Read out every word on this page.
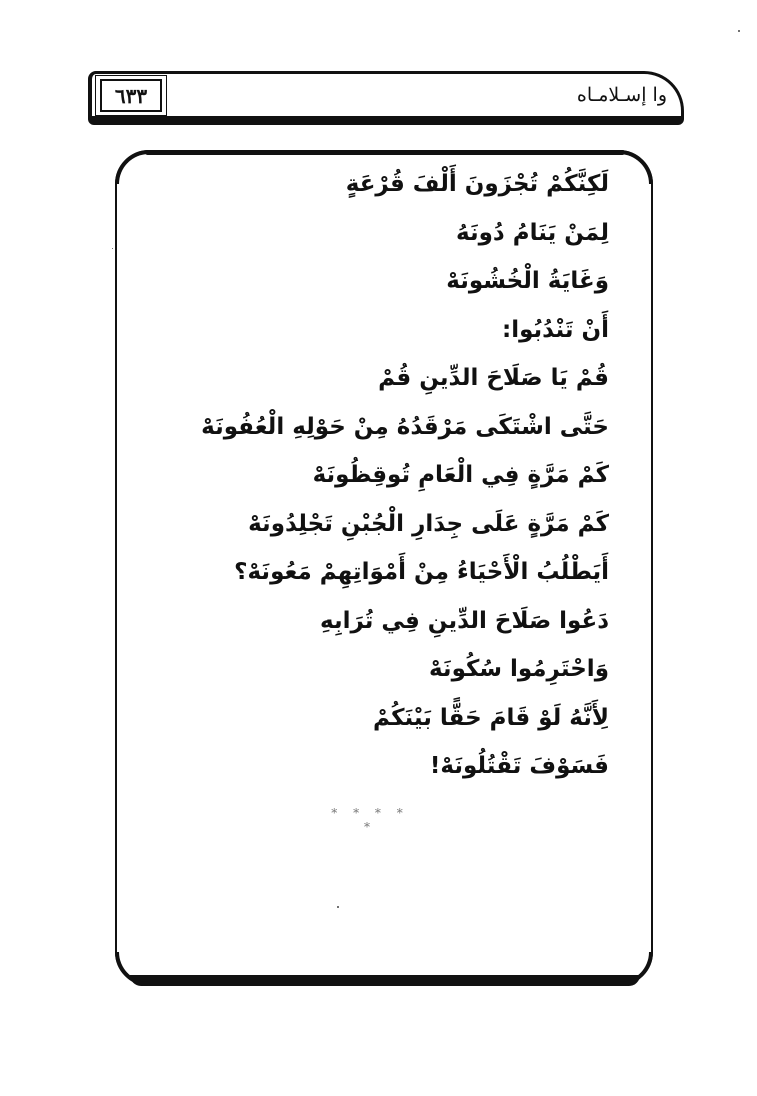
٦٣٣	وا إسـلامـاه
لَكِنَّكُمْ تُجْزَونَ أَلْفَ قُرْعَةٍ
لِمَنْ يَنَامُ دُونَهُ
وَغَايَةُ الْخُشُونَهْ
أَنْ تَنْدُبُوا:
قُمْ يَا صَلَاحَ الدِّينِ قُمْ
حَتَّى اشْتَكَى مَرْقَدُهُ مِنْ حَوْلِهِ الْعُفُونَهْ
كَمْ مَرَّةٍ فِي الْعَامِ تُوقِظُونَهْ
كَمْ مَرَّةٍ عَلَى جِدَارِ الْجُبْنِ تَجْلِدُونَهْ
أَيَطْلُبُ الْأَحْيَاءُ مِنْ أَمْوَاتِهِمْ مَعُونَهْ؟
دَعُوا صَلَاحَ الدِّينِ فِي تُرَابِهِ
وَاحْتَرِمُوا سُكُونَهْ
لِأَنَّهُ لَوْ قَامَ حَقًّا بَيْنَكُمْ
فَسَوْفَ تَقْتُلُونَهْ!
* * * * *
